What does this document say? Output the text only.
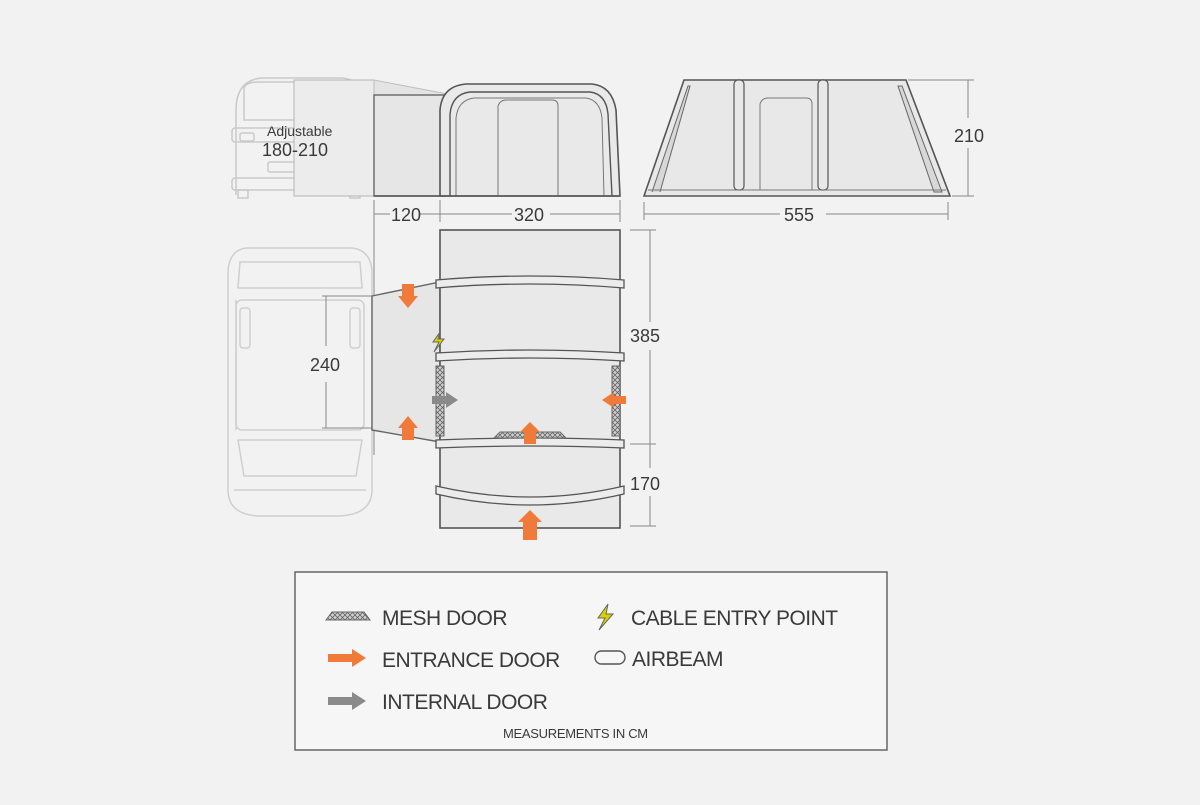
Adjustable
180-210
210
120	320	555
240
385
170
MESH DOOR	CABLE ENTRY POINT
ENTRANCE DOOR	AIRBEAM
INTERNAL DOOR
MEASUREMENTS IN CM
